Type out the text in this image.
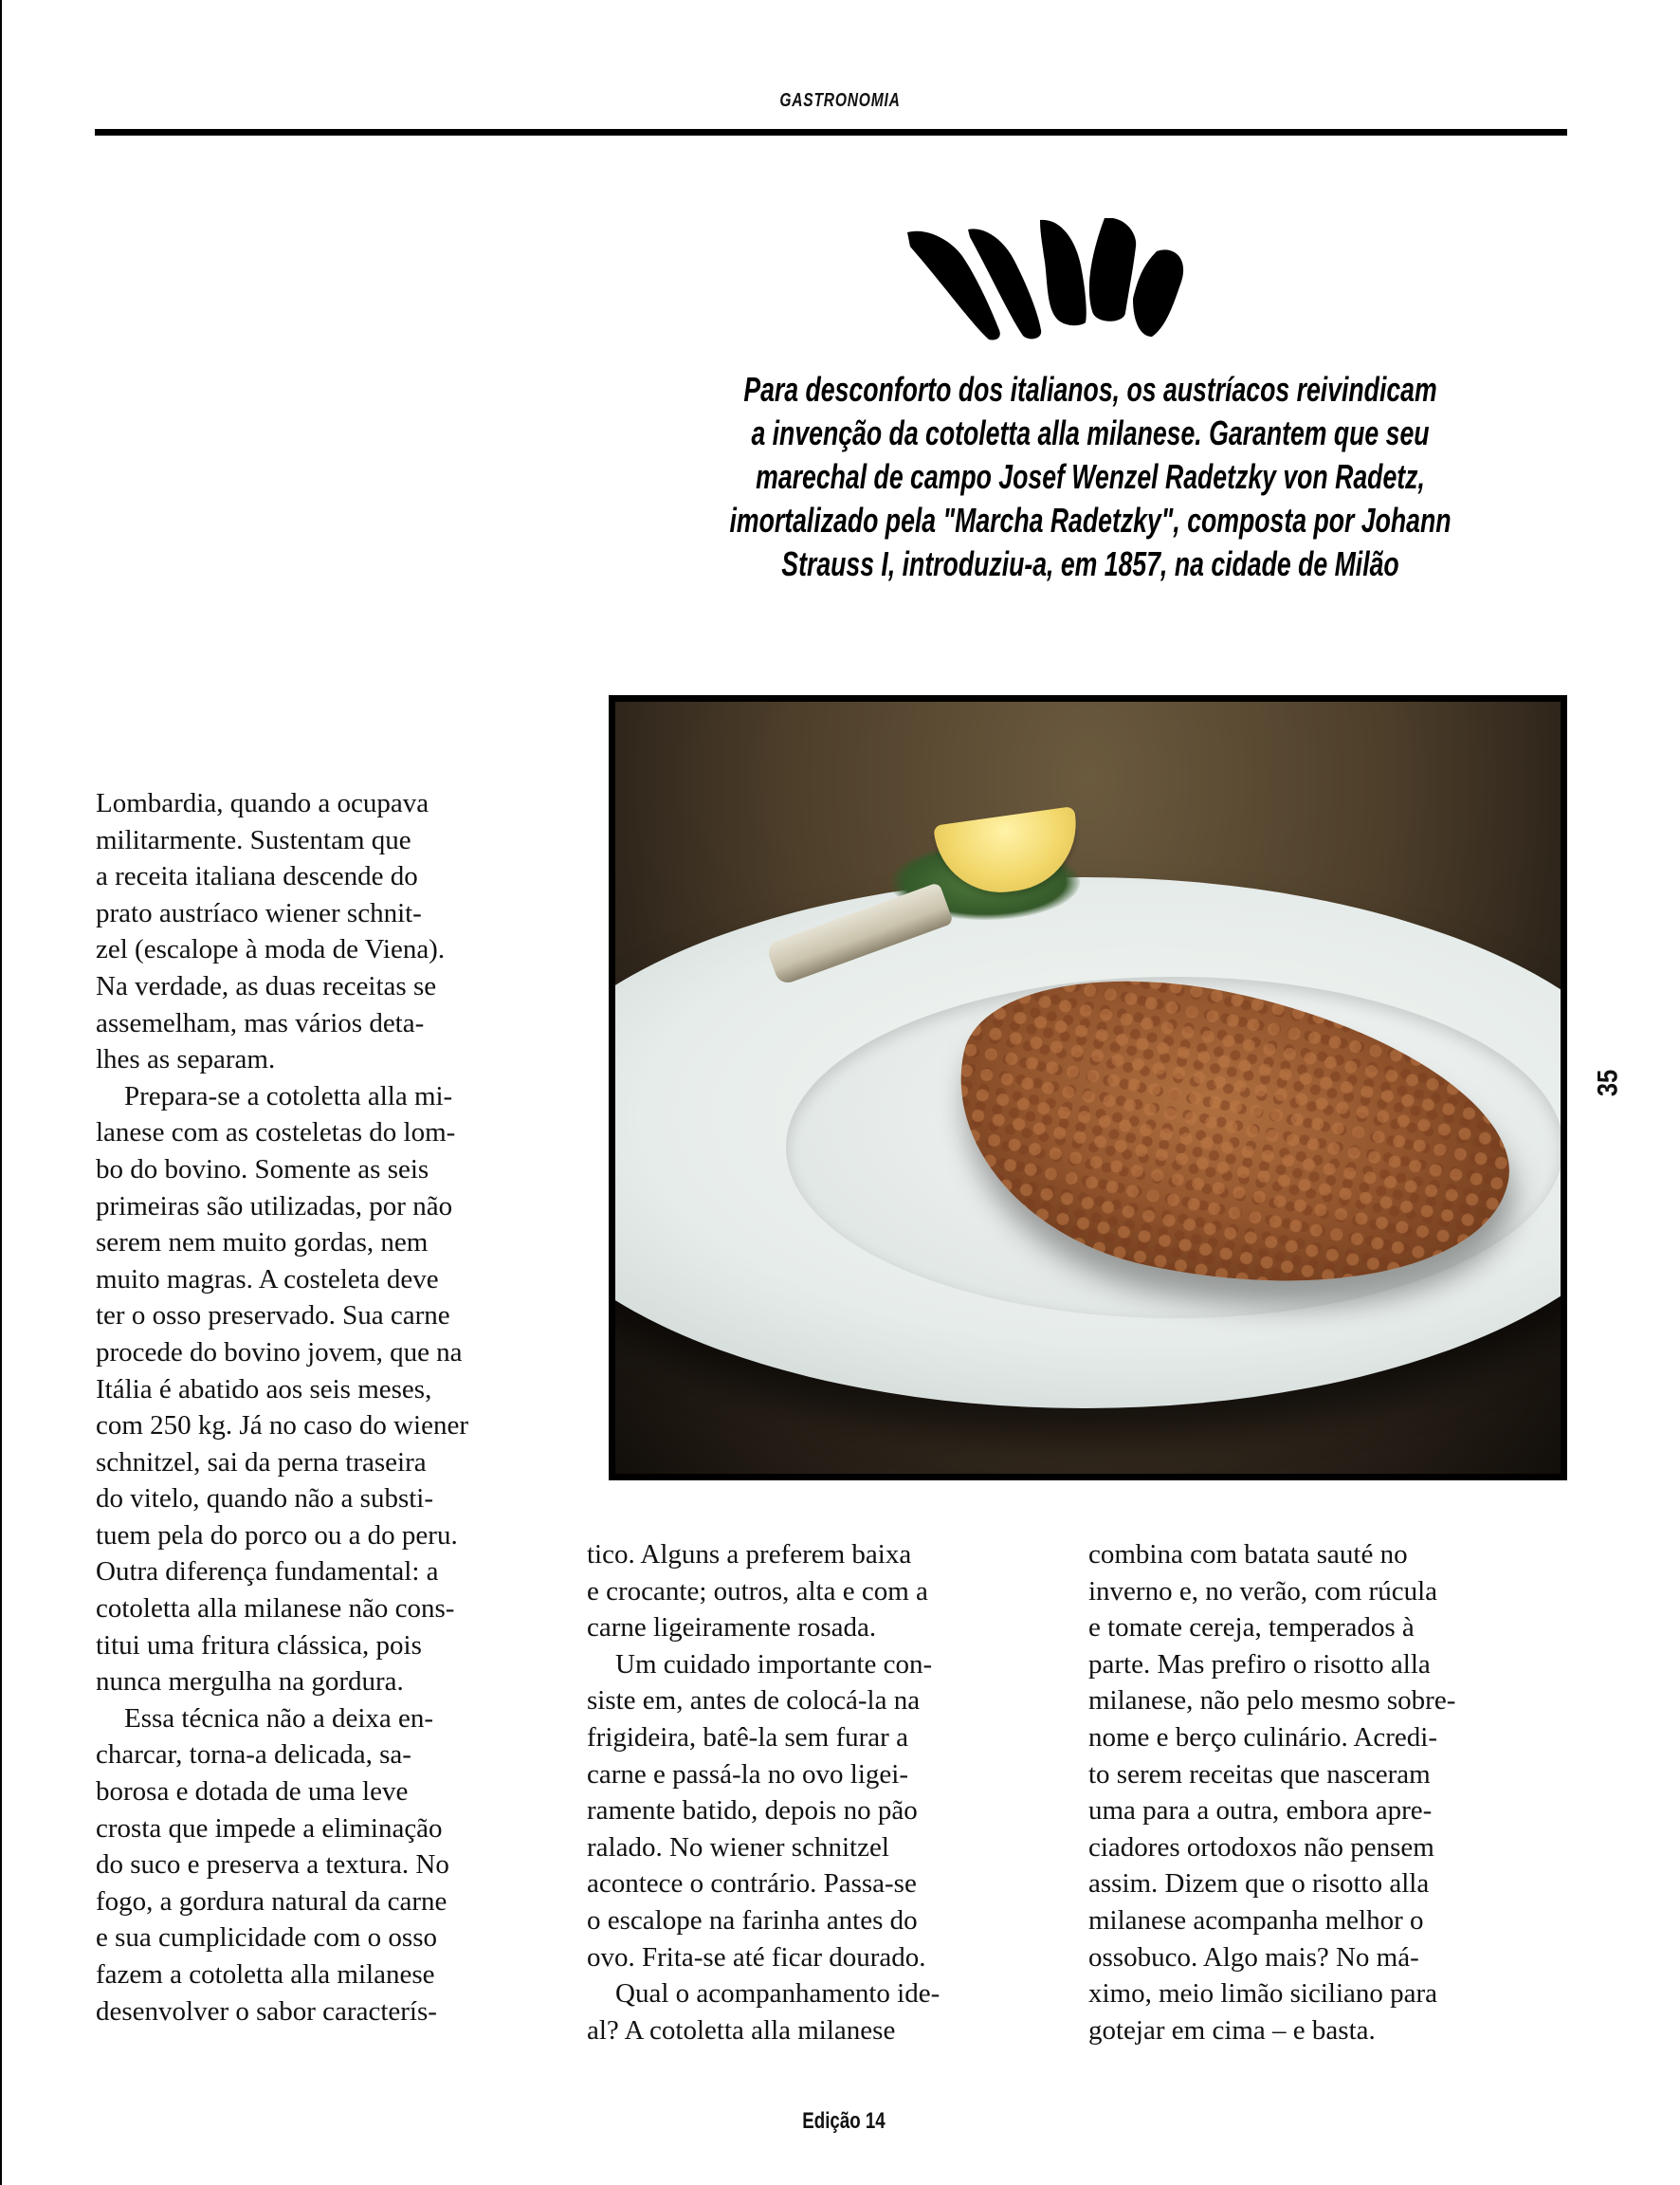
GASTRONOMIA
Para desconforto dos italianos, os austríacos reivindicam
a invenção da cotoletta alla milanese. Garantem que seu
marechal de campo Josef Wenzel Radetzky von Radetz,
imortalizado pela "Marcha Radetzky", composta por Johann
Strauss I, introduziu-a, em 1857, na cidade de Milão
Lombardia, quando a ocupava
militarmente. Sustentam que
a receita italiana descende do
prato austríaco wiener schnit-
zel (escalope à moda de Viena).
Na verdade, as duas receitas se
assemelham, mas vários deta-
lhes as separam.
Prepara-se a cotoletta alla mi-
lanese com as costeletas do lom-
bo do bovino. Somente as seis
primeiras são utilizadas, por não
serem nem muito gordas, nem
muito magras. A costeleta deve
ter o osso preservado. Sua carne
procede do bovino jovem, que na
Itália é abatido aos seis meses,
com 250 kg. Já no caso do wiener
schnitzel, sai da perna traseira
do vitelo, quando não a substi-
tuem pela do porco ou a do peru.
Outra diferença fundamental: a
cotoletta alla milanese não cons-
titui uma fritura clássica, pois
nunca mergulha na gordura.
Essa técnica não a deixa en-
charcar, torna-a delicada, sa-
borosa e dotada de uma leve
crosta que impede a eliminação
do suco e preserva a textura. No
fogo, a gordura natural da carne
e sua cumplicidade com o osso
fazem a cotoletta alla milanese
desenvolver o sabor caracterís-
tico. Alguns a preferem baixa
e crocante; outros, alta e com a
carne ligeiramente rosada.
Um cuidado importante con-
siste em, antes de colocá-la na
frigideira, batê-la sem furar a
carne e passá-la no ovo ligei-
ramente batido, depois no pão
ralado. No wiener schnitzel
acontece o contrário. Passa-se
o escalope na farinha antes do
ovo. Frita-se até ficar dourado.
Qual o acompanhamento ide-
al? A cotoletta alla milanese
combina com batata sauté no
inverno e, no verão, com rúcula
e tomate cereja, temperados à
parte. Mas prefiro o risotto alla
milanese, não pelo mesmo sobre-
nome e berço culinário. Acredi-
to serem receitas que nasceram
uma para a outra, embora apre-
ciadores ortodoxos não pensem
assim. Dizem que o risotto alla
milanese acompanha melhor o
ossobuco. Algo mais? No má-
ximo, meio limão siciliano para
gotejar em cima – e basta.
35
Edição 14
